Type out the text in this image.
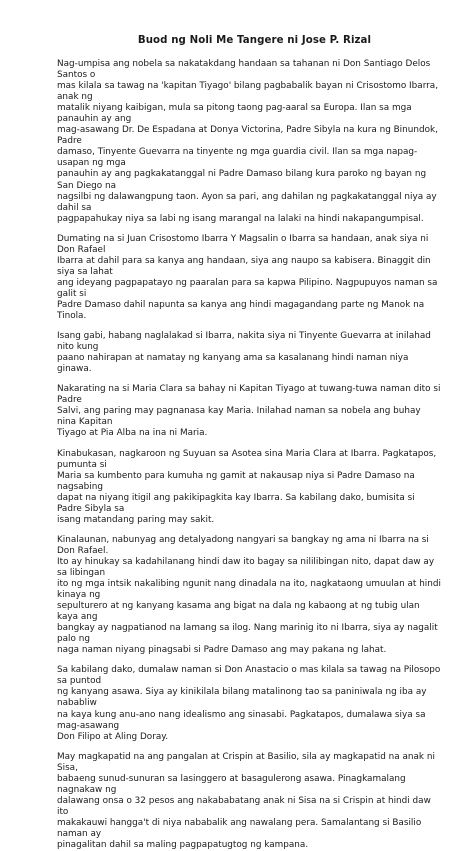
Buod ng Noli Me Tangere ni Jose P. Rizal

Nag-umpisa ang nobela sa nakatakdang handaan sa tahanan ni Don Santiago Delos Santos o
mas kilala sa tawag na 'kapitan Tiyago' bilang pagbabalik bayan ni Crisostomo Ibarra, anak ng
matalik niyang kaibigan, mula sa pitong taong pag-aaral sa Europa. Ilan sa mga panauhin ay ang
mag-asawang Dr. De Espadana at Donya Victorina, Padre Sibyla na kura ng Binundok, Padre
damaso, Tinyente Guevarra na tinyente ng mga guardia civil. Ilan sa mga napag-usapan ng mga
panauhin ay ang pagkakatanggal ni Padre Damaso bilang kura paroko ng bayan ng San Diego na
nagsilbi ng dalawangpung taon. Ayon sa pari, ang dahilan ng pagkakatanggal niya ay dahil sa
pagpapahukay niya sa labi ng isang marangal na lalaki na hindi nakapangumpisal.

Dumating na si Juan Crisostomo Ibarra Y Magsalin o Ibarra sa handaan, anak siya ni Don Rafael
Ibarra at dahil para sa kanya ang handaan, siya ang naupo sa kabisera. Binaggit din siya sa lahat
ang ideyang pagpapatayo ng paaralan para sa kapwa Pilipino. Nagpupuyos naman sa galit si
Padre Damaso dahil napunta sa kanya ang hindi magagandang parte ng Manok na Tinola.

Isang gabi, habang naglalakad si Ibarra, nakita siya ni Tinyente Guevarra at inilahad nito kung
paano nahirapan at namatay ng kanyang ama sa kasalanang hindi naman niya ginawa.

Nakarating na si Maria Clara sa bahay ni Kapitan Tiyago at tuwang-tuwa naman dito si Padre
Salvi, ang paring may pagnanasa kay Maria. Inilahad naman sa nobela ang buhay nina Kapitan
Tiyago at Pia Alba na ina ni Maria.

Kinabukasan, nagkaroon ng Suyuan sa Asotea sina Maria Clara at Ibarra. Pagkatapos, pumunta si
Maria sa kumbento para kumuha ng gamit at nakausap niya si Padre Damaso na nagsabing
dapat na niyang itigil ang pakikipagkita kay Ibarra. Sa kabilang dako, bumisita si Padre Sibyla sa
isang matandang paring may sakit.

Kinalaunan, nabunyag ang detalyadong nangyari sa bangkay ng ama ni Ibarra na si Don Rafael.
Ito ay hinukay sa kadahilanang hindi daw ito bagay sa nililibingan nito, dapat daw ay sa libingan
ito ng mga intsik nakalibing ngunit nang dinadala na ito, nagkataong umuulan at hindi kinaya ng
sepulturero at ng kanyang kasama ang bigat na dala ng kabaong at ng tubig ulan kaya ang
bangkay ay nagpatianod na lamang sa ilog. Nang marinig ito ni Ibarra, siya ay nagalit palo ng
naga naman niyang pinagsabi si Padre Damaso ang may pakana ng lahat.

Sa kabilang dako, dumalaw naman si Don Anastacio o mas kilala sa tawag na Pilosopo sa puntod
ng kanyang asawa. Siya ay kinikilala bilang matalinong tao sa paniniwala ng iba ay nababliw
na kaya kung anu-ano nang idealismo ang sinasabi. Pagkatapos, dumalawa siya sa mag-asawang
Don Filipo at Aling Doray.

May magkapatid na ang pangalan at Crispin at Basilio, sila ay magkapatid na anak ni Sisa,
babaeng sunud-sunuran sa lasinggero at basagulerong asawa. Pinagkamalang nagnakaw ng
dalawang onsa o 32 pesos ang nakababatang anak ni Sisa na si Crispin at hindi daw ito
makakauwi hangga't di niya nababalik ang nawalang pera. Samalantang si Basilio naman ay
pinagalitan dahil sa maling pagpapatugtog ng kampana.
